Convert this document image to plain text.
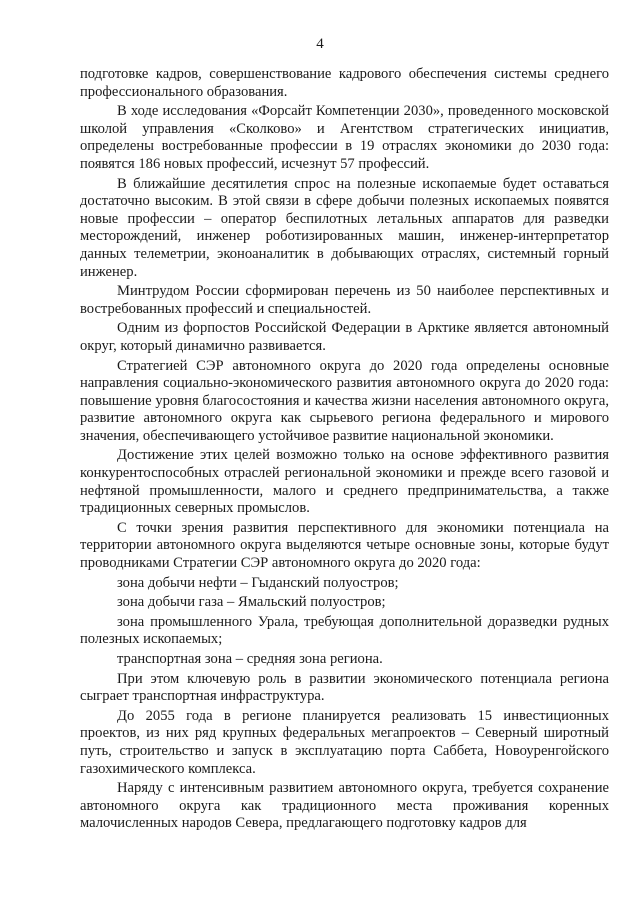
4

подготовке кадров, совершенствование кадрового обеспечения системы среднего профессионального образования.

В ходе исследования «Форсайт Компетенции 2030», проведенного московской школой управления «Сколково» и Агентством стратегических инициатив, определены востребованные профессии в 19 отраслях экономики до 2030 года: появятся 186 новых профессий, исчезнут 57 профессий.

В ближайшие десятилетия спрос на полезные ископаемые будет оставаться достаточно высоким. В этой связи в сфере добычи полезных ископаемых появятся новые профессии – оператор беспилотных летальных аппаратов для разведки месторождений, инженер роботизированных машин, инженер-интерпретатор данных телеметрии, эконоаналитик в добывающих отраслях, системный горный инженер.

Минтрудом России сформирован перечень из 50 наиболее перспективных и востребованных профессий и специальностей.

Одним из форпостов Российской Федерации в Арктике является автономный округ, который динамично развивается.

Стратегией СЭР автономного округа до 2020 года определены основные направления социально-экономического развития автономного округа до 2020 года: повышение уровня благосостояния и качества жизни населения автономного округа, развитие автономного округа как сырьевого региона федерального и мирового значения, обеспечивающего устойчивое развитие национальной экономики.

Достижение этих целей возможно только на основе эффективного развития конкурентоспособных отраслей региональной экономики и прежде всего газовой и нефтяной промышленности, малого и среднего предпринимательства, а также традиционных северных промыслов.

С точки зрения развития перспективного для экономики потенциала на территории автономного округа выделяются четыре основные зоны, которые будут проводниками Стратегии СЭР автономного округа до 2020 года:

зона добычи нефти – Гыданский полуостров;

зона добычи газа – Ямальский полуостров;

зона промышленного Урала, требующая дополнительной доразведки рудных полезных ископаемых;

транспортная зона – средняя зона региона.

При этом ключевую роль в развитии экономического потенциала региона сыграет транспортная инфраструктура.

До 2055 года в регионе планируется реализовать 15 инвестиционных проектов, из них ряд крупных федеральных мегапроектов – Северный широтный путь, строительство и запуск в эксплуатацию порта Саббета, Новоуренгойского газохимического комплекса.

Наряду с интенсивным развитием автономного округа, требуется сохранение автономного округа как традиционного места проживания коренных малочисленных народов Севера, предлагающего подготовку кадров для
